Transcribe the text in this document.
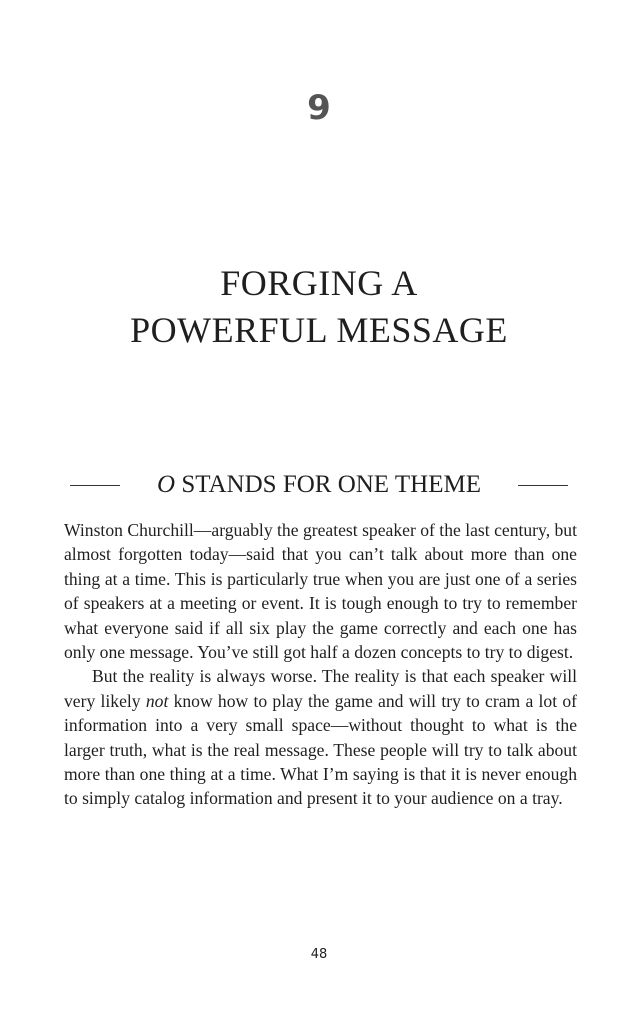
9
FORGING A
POWERFUL MESSAGE
O STANDS FOR ONE THEME

Winston Churchill—arguably the greatest speaker of the last century, but almost forgotten today—said that you can’t talk about more than one thing at a time. This is particularly true when you are just one of a series of speakers at a meeting or event. It is tough enough to try to remember what everyone said if all six play the game correctly and each one has only one message. You’ve still got half a dozen concepts to try to digest.

But the reality is always worse. The reality is that each speaker will very likely not know how to play the game and will try to cram a lot of information into a very small space—without thought to what is the larger truth, what is the real message. These people will try to talk about more than one thing at a time. What I’m saying is that it is never enough to simply catalog information and present it to your audience on a tray.

48
